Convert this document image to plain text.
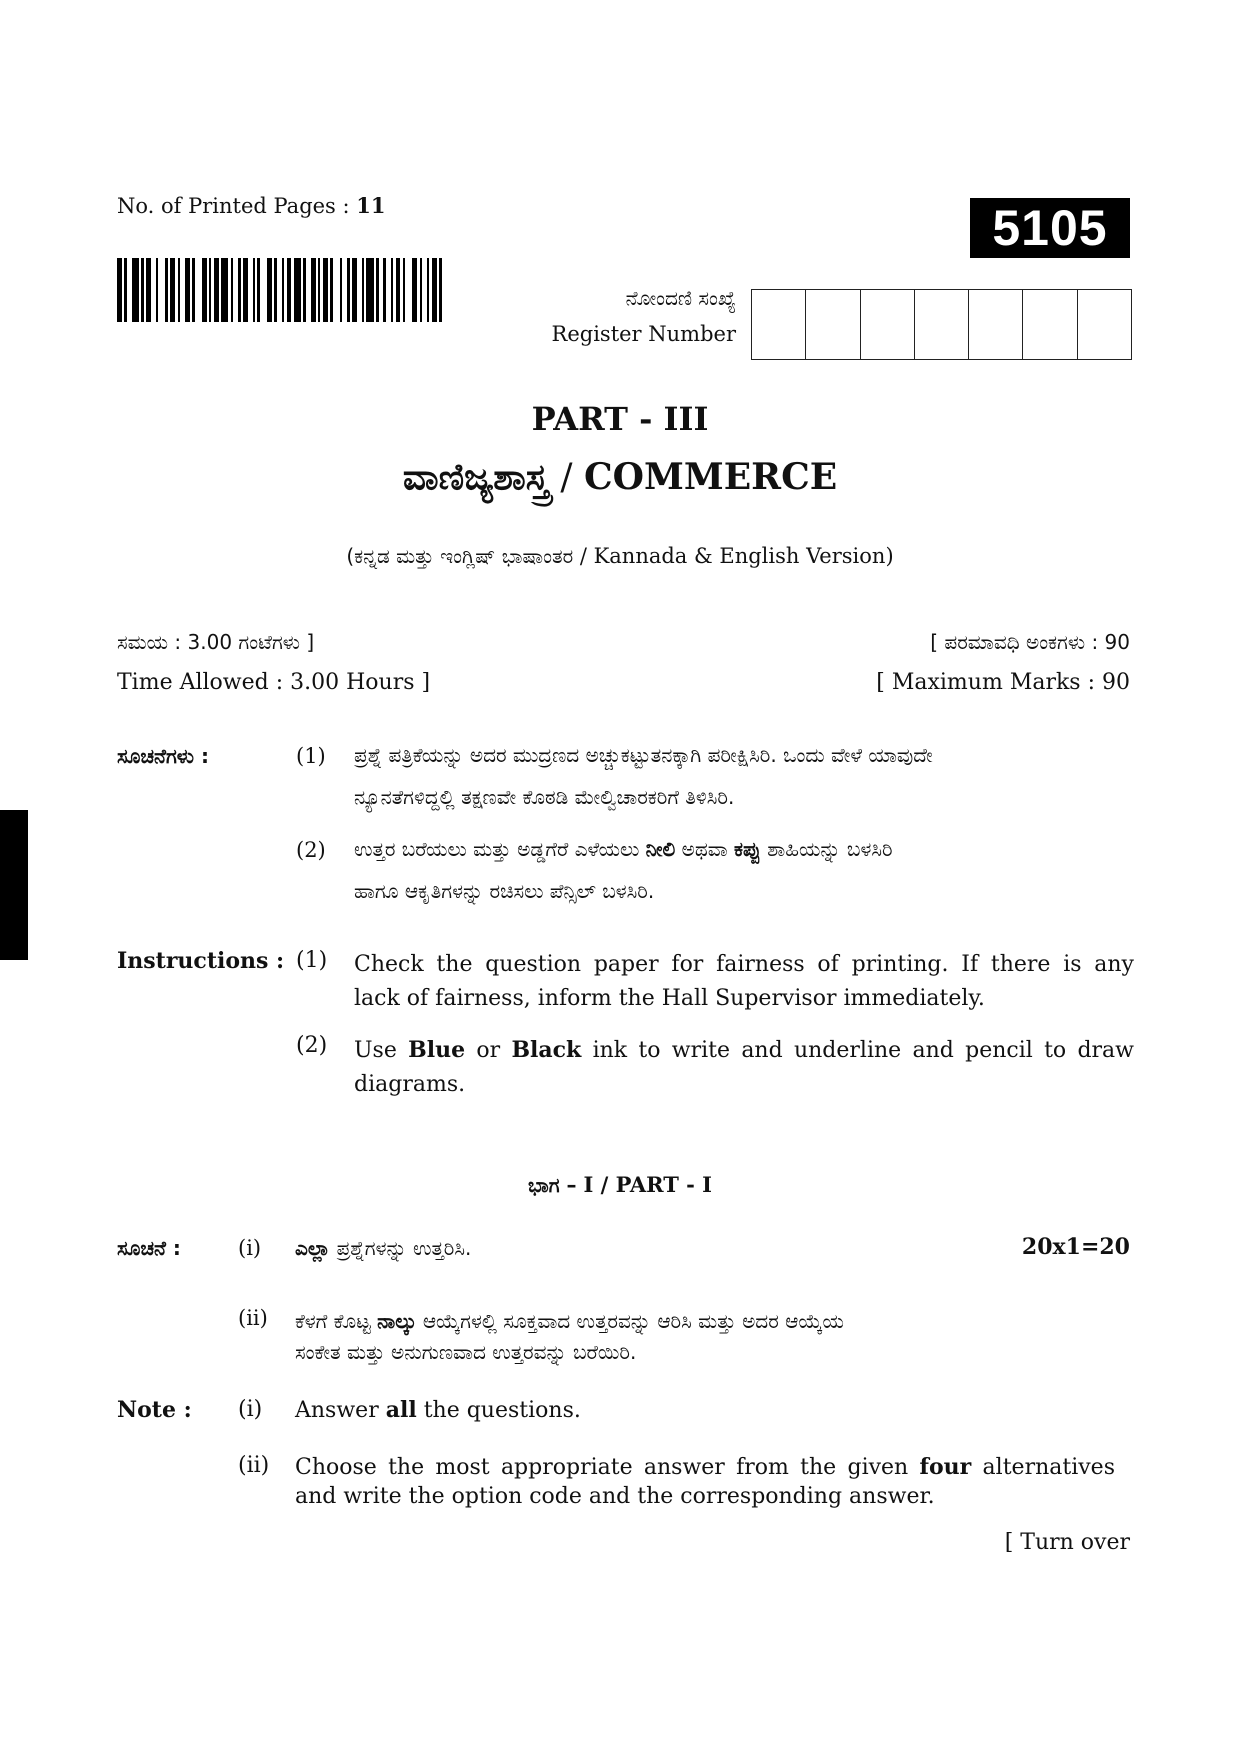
No. of Printed Pages : 11	5105
ನೋಂದಣಿ ಸಂಖ್ಯೆ
Register Number
PART - III
ವಾಣಿಜ್ಯಶಾಸ್ತ್ರ / COMMERCE
(ಕನ್ನಡ ಮತ್ತು ಇಂಗ್ಲಿಷ್ ಭಾಷಾಂತರ / Kannada & English Version)
ಸಮಯ : 3.00 ಗಂಟೆಗಳು ]	[ ಪರಮಾವಧಿ ಅಂಕಗಳು : 90
Time Allowed : 3.00 Hours ]	[ Maximum Marks : 90
ಸೂಚನೆಗಳು :	(1) ಪ್ರಶ್ನೆ ಪತ್ರಿಕೆಯನ್ನು ಅದರ ಮುದ್ರಣದ ಅಚ್ಚುಕಟ್ಟುತನಕ್ಕಾಗಿ ಪರೀಕ್ಷಿಸಿರಿ. ಒಂದು ವೇಳೆ ಯಾವುದೇ
ನ್ಯೂನತೆಗಳಿದ್ದಲ್ಲಿ ತಕ್ಷಣವೇ ಕೊಠಡಿ ಮೇಲ್ವಿಚಾರಕರಿಗೆ ತಿಳಿಸಿರಿ.
(2) ಉತ್ತರ ಬರೆಯಲು ಮತ್ತು ಅಡ್ಡಗೆರೆ ಎಳೆಯಲು ನೀಲಿ ಅಥವಾ ಕಪ್ಪು ಶಾಹಿಯನ್ನು ಬಳಸಿರಿ
ಹಾಗೂ ಆಕೃತಿಗಳನ್ನು ರಚಿಸಲು ಪೆನ್ಸಿಲ್ ಬಳಸಿರಿ.
Instructions : (1) Check the question paper for fairness of printing. If there is any
lack of fairness, inform the Hall Supervisor immediately.
(2) Use Blue or Black ink to write and underline and pencil to draw
diagrams.
ಭಾಗ – I / PART - I
ಸೂಚನೆ :	(i) ಎಲ್ಲಾ ಪ್ರಶ್ನೆಗಳನ್ನು ಉತ್ತರಿಸಿ.	20x1=20
(ii) ಕೆಳಗೆ ಕೊಟ್ಟ ನಾಲ್ಕು ಆಯ್ಕೆಗಳಲ್ಲಿ ಸೂಕ್ತವಾದ ಉತ್ತರವನ್ನು ಆರಿಸಿ ಮತ್ತು ಅದರ ಆಯ್ಕೆಯ
ಸಂಕೇತ ಮತ್ತು ಅನುಗುಣವಾದ ಉತ್ತರವನ್ನು ಬರೆಯಿರಿ.
Note : (i) Answer all the questions.
(ii) Choose the most appropriate answer from the given four alternatives
and write the option code and the corresponding answer.
[ Turn over
